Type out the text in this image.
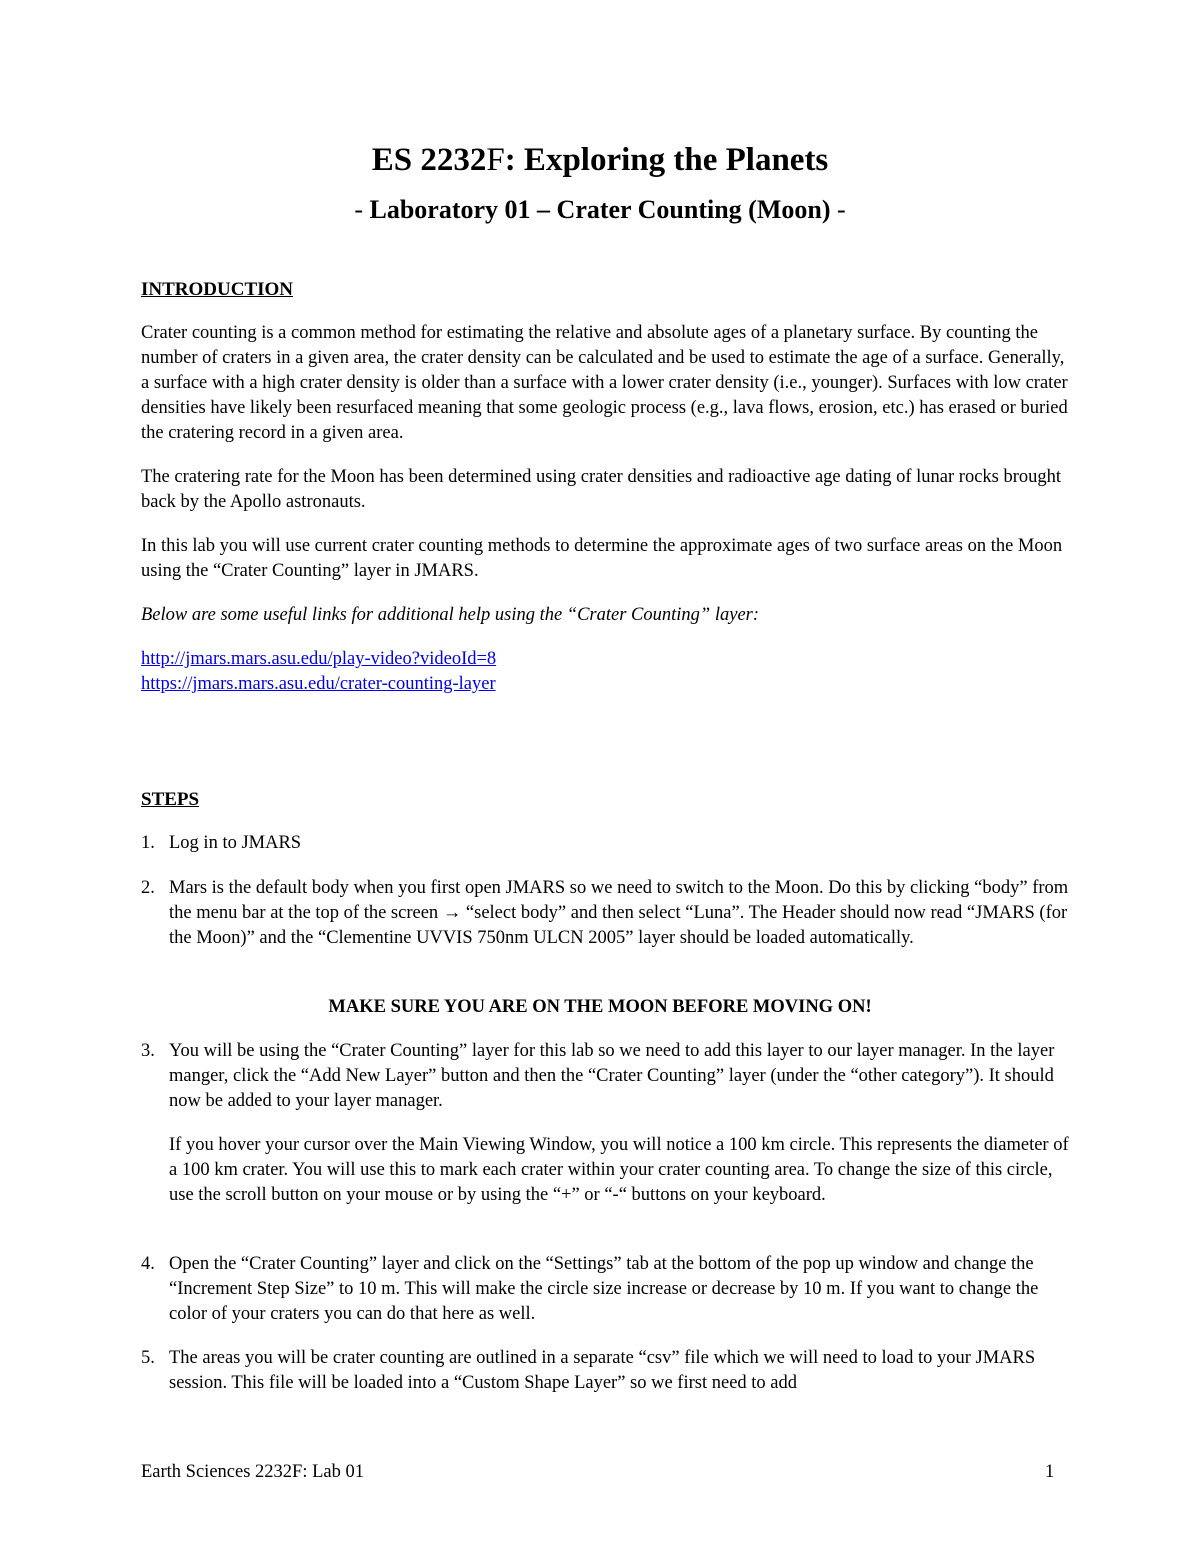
ES 2232F: Exploring the Planets
- Laboratory 01 – Crater Counting (Moon) -
INTRODUCTION

Crater counting is a common method for estimating the relative and absolute ages of a planetary surface. By counting the number of craters in a given area, the crater density can be calculated and be used to estimate the age of a surface. Generally, a surface with a high crater density is older than a surface with a lower crater density (i.e., younger). Surfaces with low crater densities have likely been resurfaced meaning that some geologic process (e.g., lava flows, erosion, etc.) has erased or buried the cratering record in a given area.

The cratering rate for the Moon has been determined using crater densities and radioactive age dating of lunar rocks brought back by the Apollo astronauts.

In this lab you will use current crater counting methods to determine the approximate ages of two surface areas on the Moon using the “Crater Counting” layer in JMARS.

Below are some useful links for additional help using the “Crater Counting” layer:

http://jmars.mars.asu.edu/play-video?videoId=8
https://jmars.mars.asu.edu/crater-counting-layer
STEPS
1. Log in to JMARS
2. Mars is the default body when you first open JMARS so we need to switch to the Moon. Do this by clicking “body” from the menu bar at the top of the screen → “select body” and then select “Luna”. The Header should now read “JMARS (for the Moon)” and the “Clementine UVVIS 750nm ULCN 2005” layer should be loaded automatically.
MAKE SURE YOU ARE ON THE MOON BEFORE MOVING ON!
3. You will be using the “Crater Counting” layer for this lab so we need to add this layer to our layer manager. In the layer manger, click the “Add New Layer” button and then the “Crater Counting” layer (under the “other category”). It should now be added to your layer manager.
If you hover your cursor over the Main Viewing Window, you will notice a 100 km circle. This represents the diameter of a 100 km crater. You will use this to mark each crater within your crater counting area. To change the size of this circle, use the scroll button on your mouse or by using the “+” or “-“ buttons on your keyboard.
4. Open the “Crater Counting” layer and click on the “Settings” tab at the bottom of the pop up window and change the “Increment Step Size” to 10 m. This will make the circle size increase or decrease by 10 m. If you want to change the color of your craters you can do that here as well.
5. The areas you will be crater counting are outlined in a separate “csv” file which we will need to load to your JMARS session. This file will be loaded into a “Custom Shape Layer” so we first need to add
Earth Sciences 2232F: Lab 01	1
